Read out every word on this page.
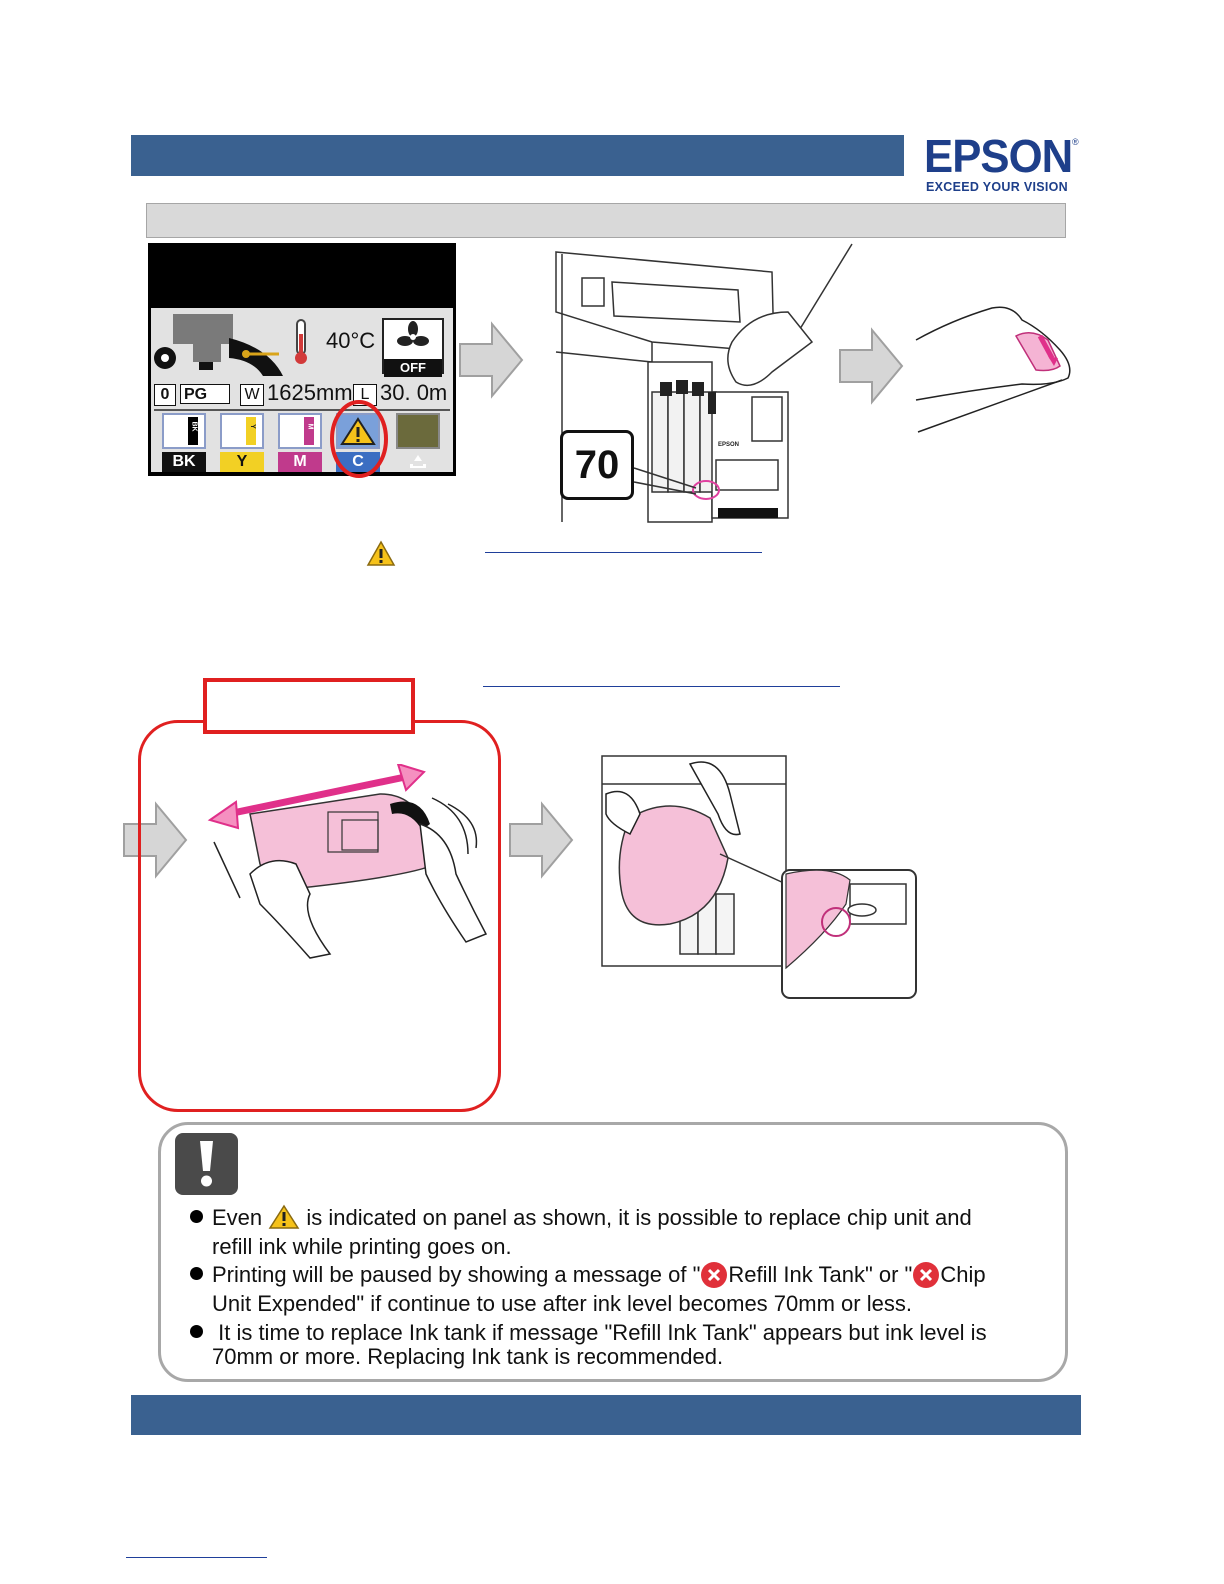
EPSON
EXCEED YOUR VISION
®
40°C
OFF
0 PG	W 1625mm L 30. 0m
BK	Y	M
BK	Y	M	C
EPSON
70
Even is indicated on panel as shown, it is possible to replace chip unit and
refill ink while printing goes on.
Printing will be paused by showing a message of " Refill Ink Tank" or " Chip
Unit Expended" if continue to use after ink level becomes 70mm or less.
It is time to replace Ink tank if message "Refill Ink Tank" appears but ink level is
70mm or more. Replacing Ink tank is recommended.
